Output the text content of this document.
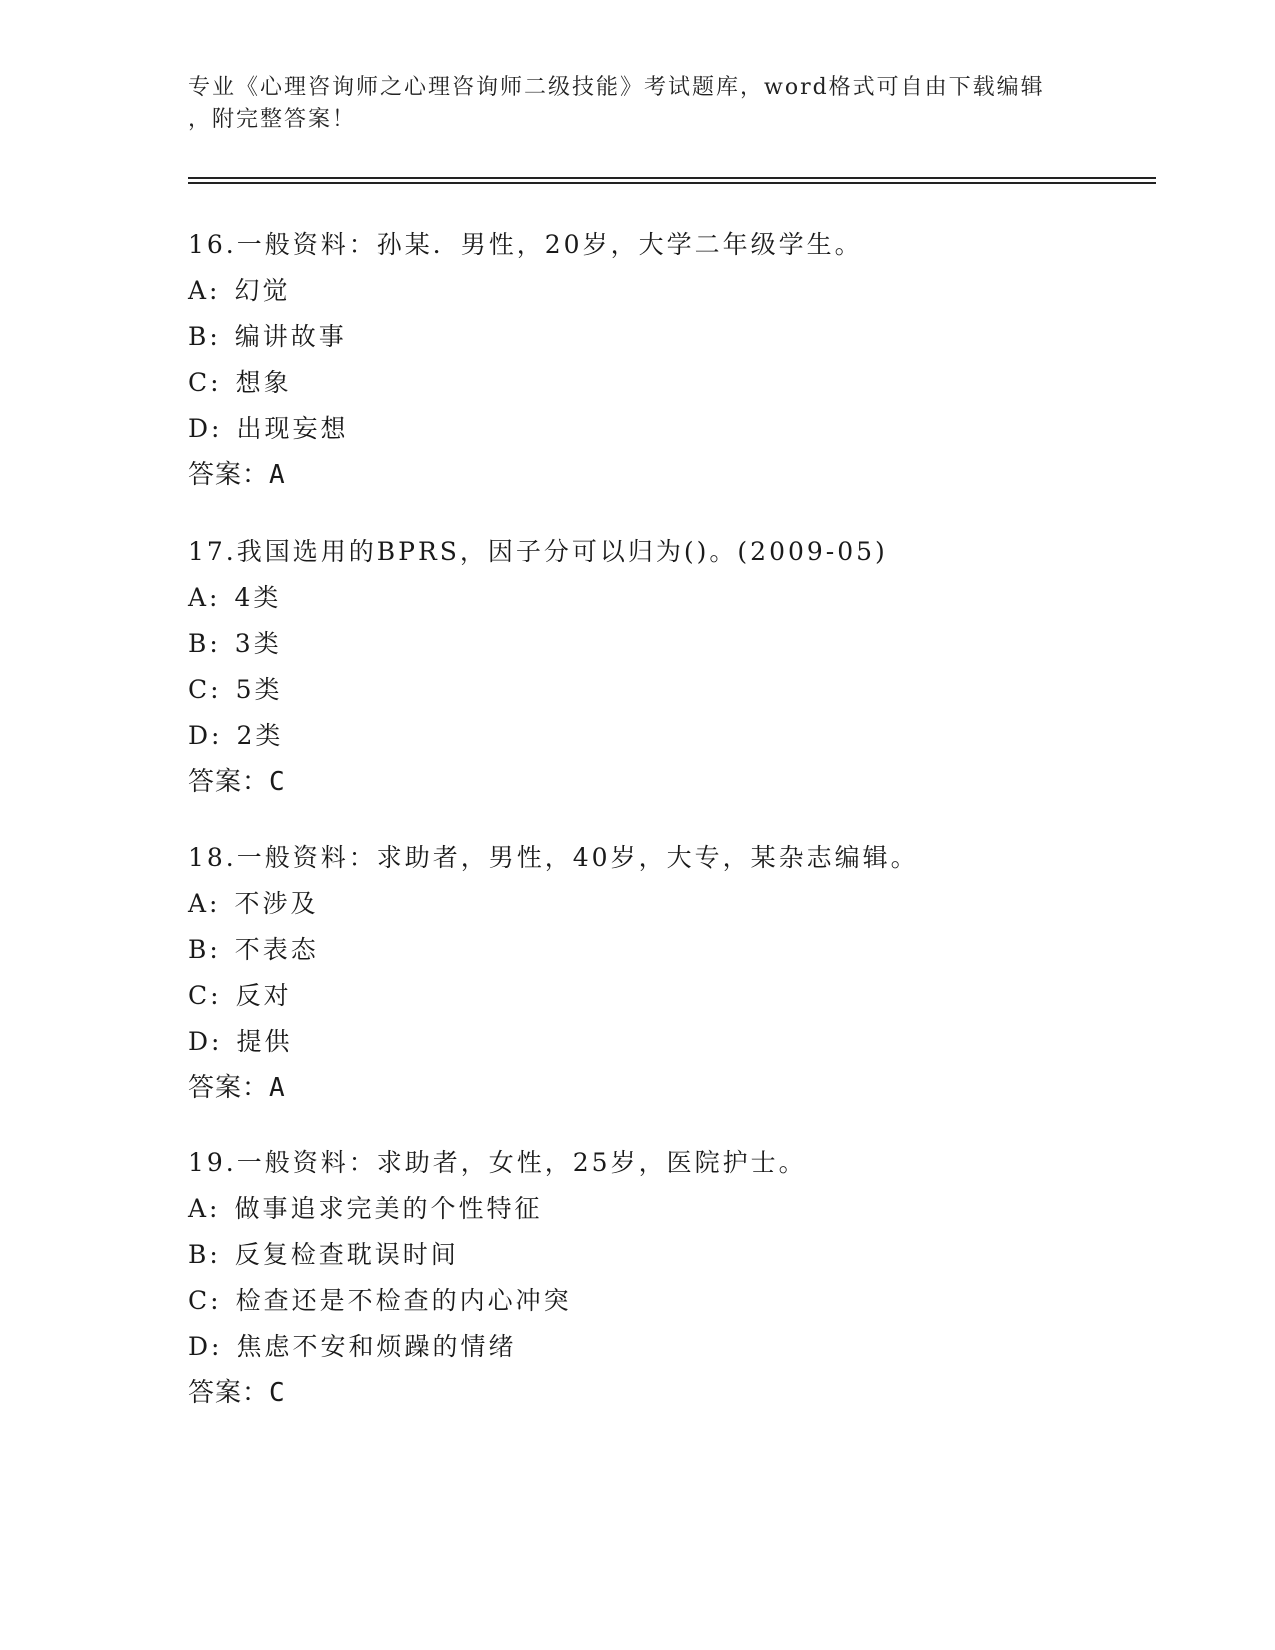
专业《心理咨询师之心理咨询师二级技能》考试题库，word格式可自由下载编辑
，附完整答案！
16.一般资料：孙某．男性，20岁，大学二年级学生。
A: 幻觉
B: 编讲故事
C: 想象
D: 出现妄想
答案：A
17.我国选用的BPRS，因子分可以归为()。(2009-05)
A: 4类
B: 3类
C: 5类
D: 2类
答案：C
18.一般资料：求助者，男性，40岁，大专，某杂志编辑。
A: 不涉及
B: 不表态
C: 反对
D: 提供
答案：A
19.一般资料：求助者，女性，25岁，医院护士。
A: 做事追求完美的个性特征
B: 反复检查耽误时间
C: 检查还是不检查的内心冲突
D: 焦虑不安和烦躁的情绪
答案：C
